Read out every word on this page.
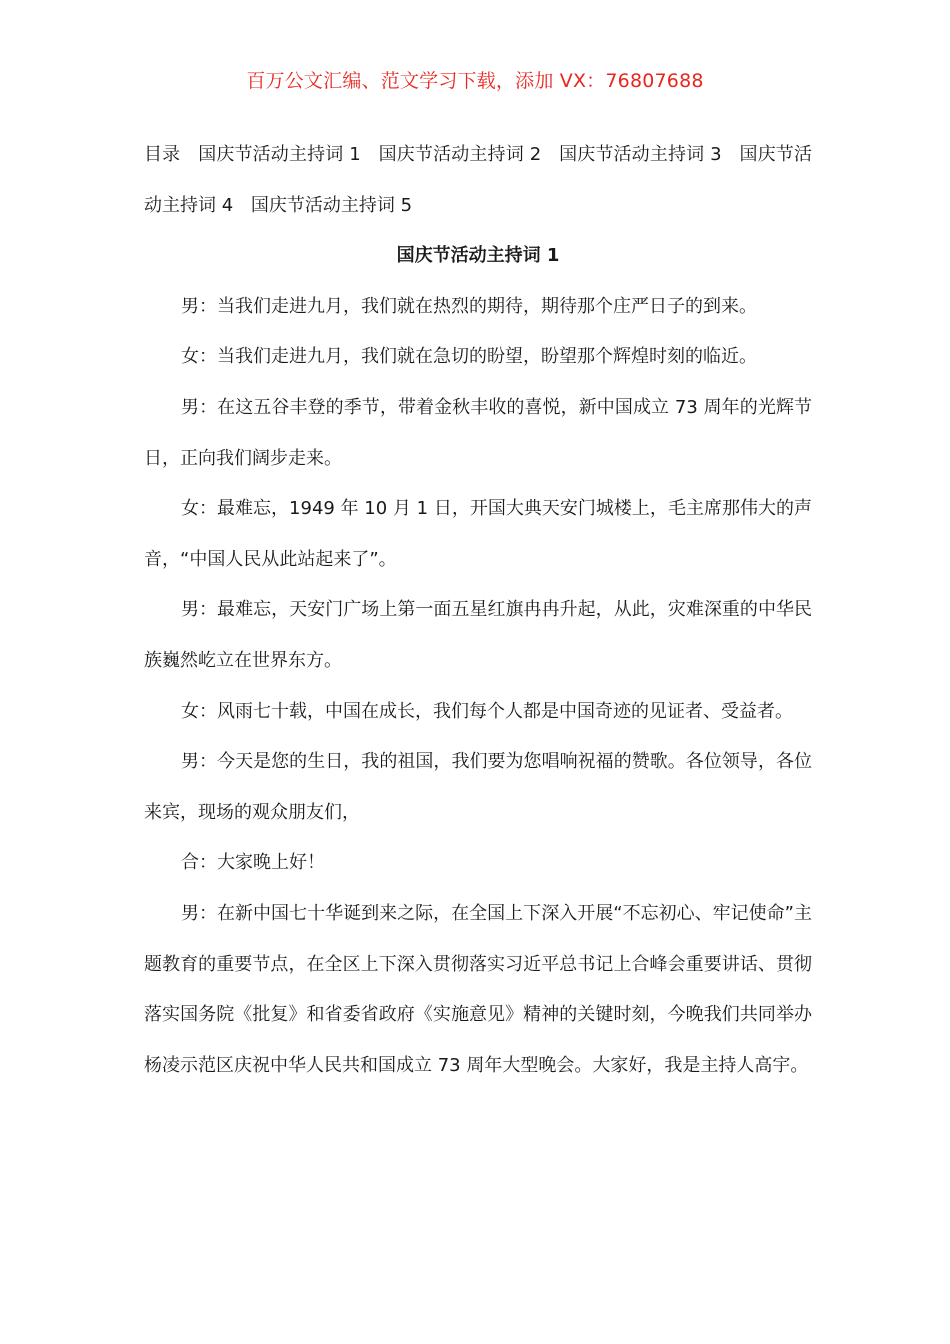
百万公文汇编、范文学习下载，添加 VX：76807688

目录 国庆节活动主持词 1 国庆节活动主持词 2 国庆节活动主持词 3 国庆节活动主持词 4 国庆节活动主持词 5

国庆节活动主持词 1

男：当我们走进九月，我们就在热烈的期待，期待那个庄严日子的到来。

女：当我们走进九月，我们就在急切的盼望，盼望那个辉煌时刻的临近。

男：在这五谷丰登的季节，带着金秋丰收的喜悦，新中国成立 73 周年的光辉节日，正向我们阔步走来。

女：最难忘，1949 年 10 月 1 日，开国大典天安门城楼上，毛主席那伟大的声音，“中国人民从此站起来了”。

男：最难忘，天安门广场上第一面五星红旗冉冉升起，从此，灾难深重的中华民族巍然屹立在世界东方。

女：风雨七十载，中国在成长，我们每个人都是中国奇迹的见证者、受益者。

男：今天是您的生日，我的祖国，我们要为您唱响祝福的赞歌。各位领导，各位来宾，现场的观众朋友们，

合：大家晚上好！

男：在新中国七十华诞到来之际，在全国上下深入开展“不忘初心、牢记使命”主题教育的重要节点，在全区上下深入贯彻落实习近平总书记上合峰会重要讲话、贯彻落实国务院《批复》和省委省政府《实施意见》精神的关键时刻，今晚我们共同举办杨凌示范区庆祝中华人民共和国成立 73 周年大型晚会。大家好，我是主持人高宇。
